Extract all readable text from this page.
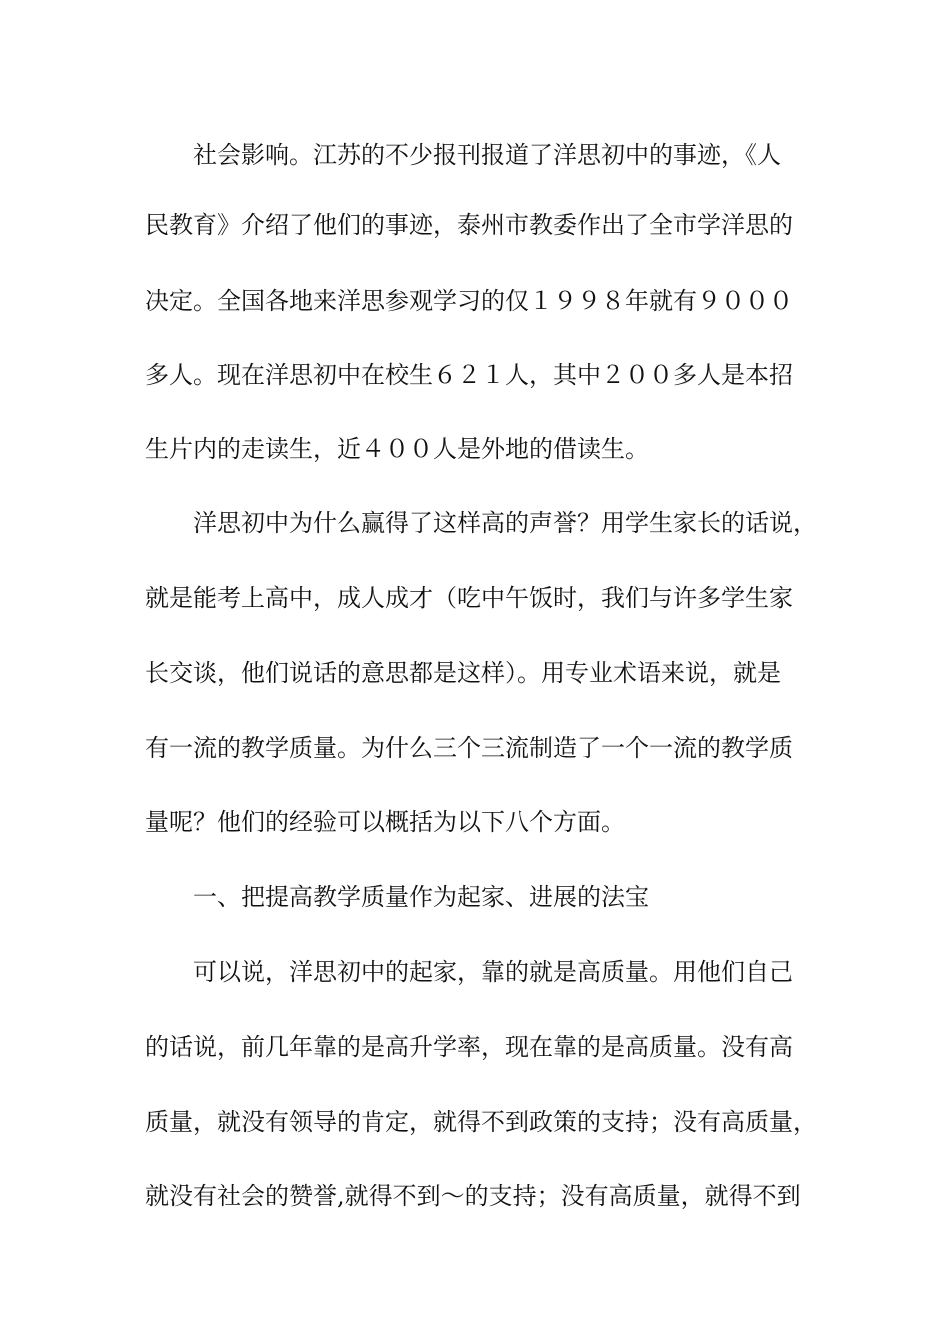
社会影响。江苏的不少报刊报道了洋思初中的事迹，《人
民教育》介绍了他们的事迹，泰州市教委作出了全市学洋思的
决定。全国各地来洋思参观学习的仅１９９８年就有９０００
多人。现在洋思初中在校生６２１人，其中２００多人是本招
生片内的走读生，近４００人是外地的借读生。
洋思初中为什么赢得了这样高的声誉？用学生家长的话说，
就是能考上高中，成人成才（吃中午饭时，我们与许多学生家
长交谈，他们说话的意思都是这样）。用专业术语来说，就是
有一流的教学质量。为什么三个三流制造了一个一流的教学质
量呢？他们的经验可以概括为以下八个方面。
一、把提高教学质量作为起家、进展的法宝
可以说，洋思初中的起家，靠的就是高质量。用他们自己
的话说，前几年靠的是高升学率，现在靠的是高质量。没有高
质量，就没有领导的肯定，就得不到政策的支持；没有高质量，
就没有社会的赞誉,就得不到～的支持；没有高质量，就得不到
